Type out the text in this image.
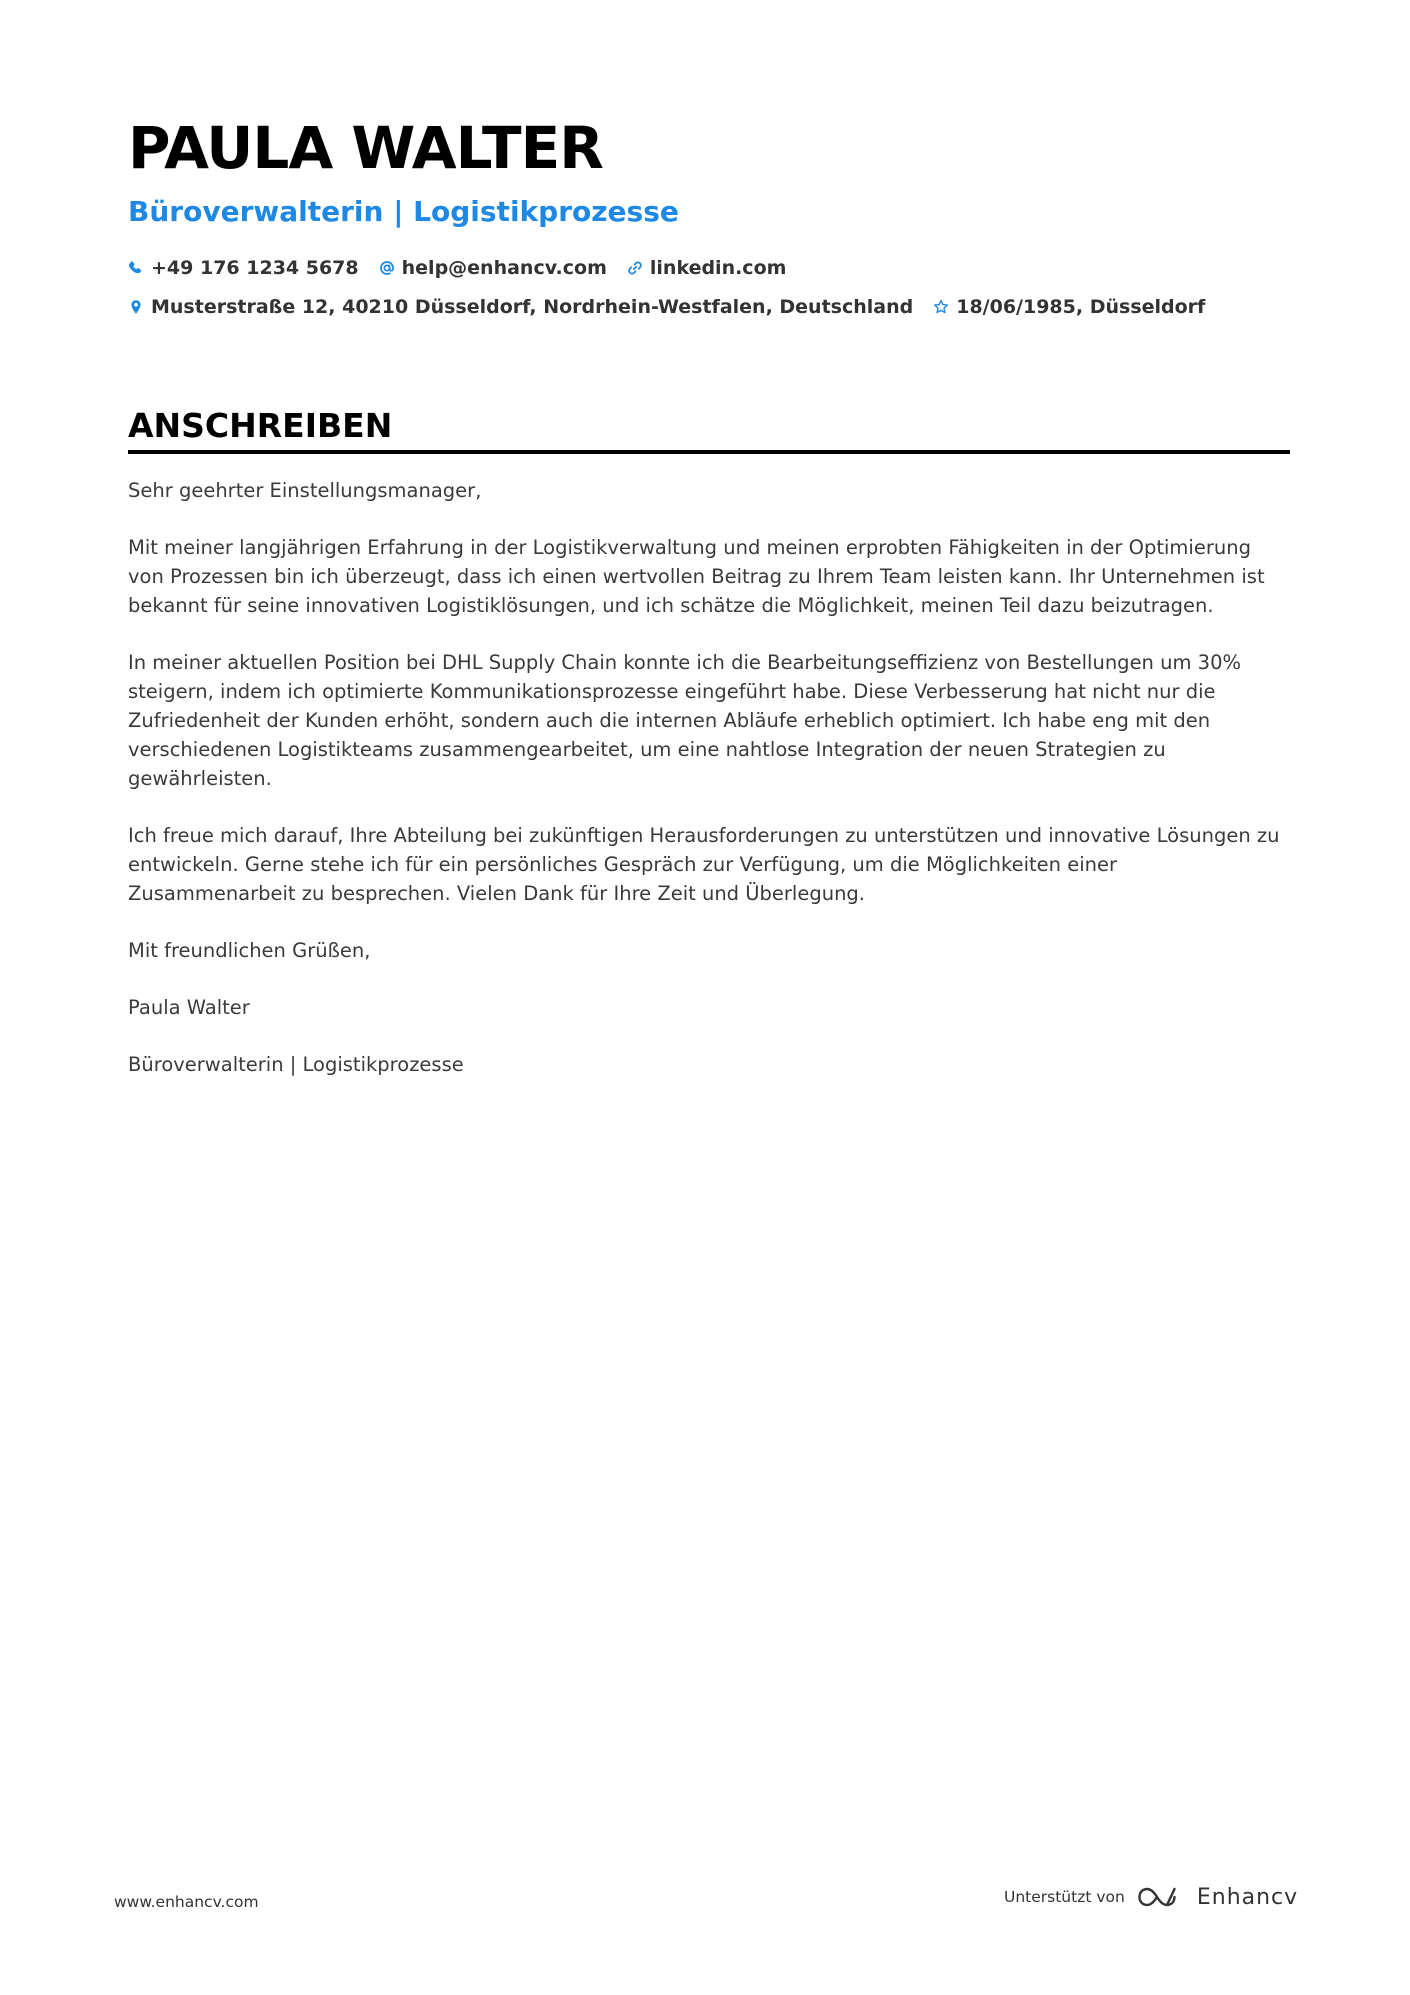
PAULA WALTER
Büroverwalterin | Logistikprozesse
+49 176 1234 5678 help@enhancv.com linkedin.com
Musterstraße 12, 40210 Düsseldorf, Nordrhein-Westfalen, Deutschland 18/06/1985, Düsseldorf
ANSCHREIBEN

Sehr geehrter Einstellungsmanager,

Mit meiner langjährigen Erfahrung in der Logistikverwaltung und meinen erprobten Fähigkeiten in der Optimierung von Prozessen bin ich überzeugt, dass ich einen wertvollen Beitrag zu Ihrem Team leisten kann. Ihr Unternehmen ist bekannt für seine innovativen Logistiklösungen, und ich schätze die Möglichkeit, meinen Teil dazu beizutragen.

In meiner aktuellen Position bei DHL Supply Chain konnte ich die Bearbeitungseffizienz von Bestellungen um 30% steigern, indem ich optimierte Kommunikationsprozesse eingeführt habe. Diese Verbesserung hat nicht nur die Zufriedenheit der Kunden erhöht, sondern auch die internen Abläufe erheblich optimiert. Ich habe eng mit den verschiedenen Logistikteams zusammengearbeitet, um eine nahtlose Integration der neuen Strategien zu gewährleisten.

Ich freue mich darauf, Ihre Abteilung bei zukünftigen Herausforderungen zu unterstützen und innovative Lösungen zu entwickeln. Gerne stehe ich für ein persönliches Gespräch zur Verfügung, um die Möglichkeiten einer Zusammenarbeit zu besprechen. Vielen Dank für Ihre Zeit und Überlegung.

Mit freundlichen Grüßen,

Paula Walter

Büroverwalterin | Logistikprozesse

www.enhancv.com	Unterstützt von	Enhancv
